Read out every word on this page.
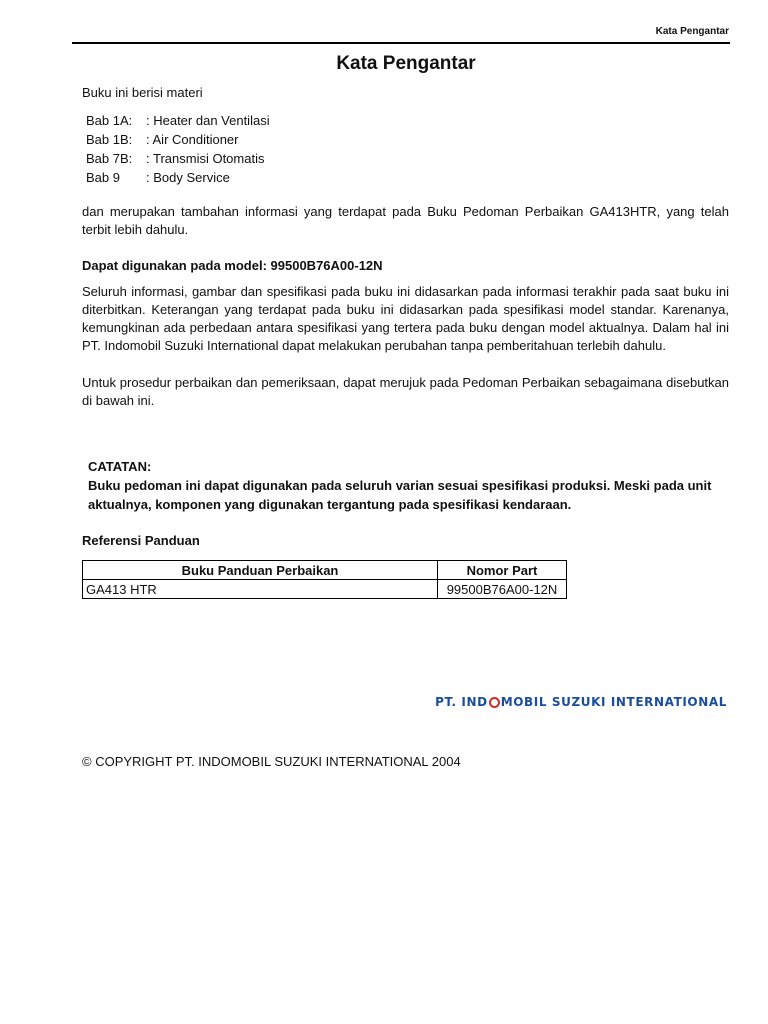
Kata Pengantar
Kata Pengantar
Buku ini berisi materi
Bab 1A:	: Heater dan Ventilasi
Bab 1B:	: Air Conditioner
Bab 7B:	: Transmisi Otomatis
Bab 9	: Body Service
dan merupakan tambahan informasi yang terdapat pada Buku Pedoman Perbaikan GA413HTR, yang telah terbit lebih dahulu.
Dapat digunakan pada model: 99500B76A00-12N
Seluruh informasi, gambar dan spesifikasi pada buku ini didasarkan pada informasi terakhir pada saat buku ini diterbitkan. Keterangan yang terdapat pada buku ini didasarkan pada spesifikasi model standar. Karenanya, kemungkinan ada perbedaan antara spesifikasi yang tertera pada buku dengan model aktualnya. Dalam hal ini PT. Indomobil Suzuki International dapat melakukan perubahan tanpa pemberitahuan terlebih dahulu.
Untuk prosedur perbaikan dan pemeriksaan, dapat merujuk pada Pedoman Perbaikan sebagaimana disebutkan di bawah ini.
CATATAN:
Buku pedoman ini dapat digunakan pada seluruh varian sesuai spesifikasi produksi. Meski pada unit aktualnya, komponen yang digunakan tergantung pada spesifikasi kendaraan.
Referensi Panduan
Buku Panduan Perbaikan	Nomor Part
GA413 HTR	99500B76A00-12N
PT. IND MOBIL SUZUKI INTERNATIONAL
© COPYRIGHT PT. INDOMOBIL SUZUKI INTERNATIONAL 2004
